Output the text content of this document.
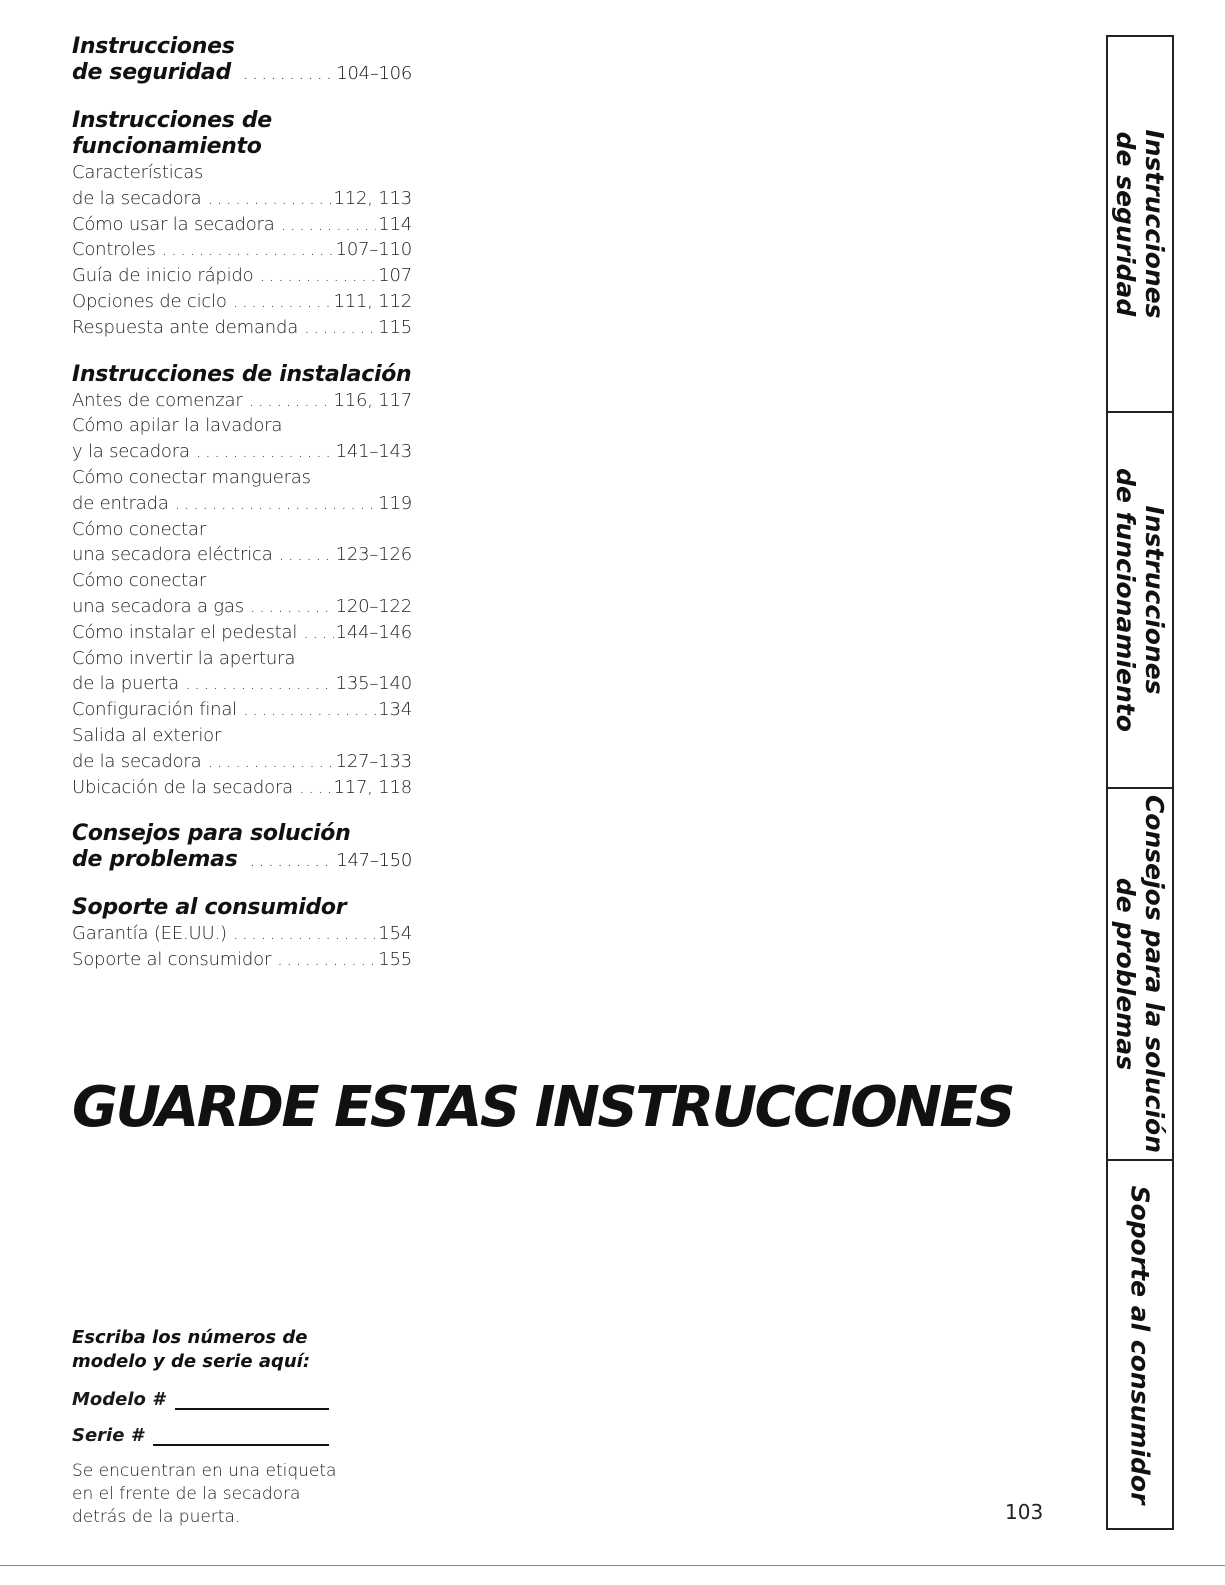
Instrucciones
de seguridad . . .	104–106
Instrucciones de funcionamiento
Características
de la secadora . . .	112, 113
Cómo usar la secadora . . .	114
Controles . . .	107–110
Guía de inicio rápido . . .	107
Opciones de ciclo . . .	111, 112
Respuesta ante demanda . . .	115
Instrucciones de instalación
Antes de comenzar . . .	116, 117
Cómo apilar la lavadora
y la secadora . . .	141–143
Cómo conectar mangueras
de entrada . . .	119
Cómo conectar
una secadora eléctrica . . .	123–126
Cómo conectar
una secadora a gas . . .	120–122
Cómo instalar el pedestal . . . 144–146
Cómo invertir la apertura
de la puerta . . .	135–140
Configuración final . . .	134
Salida al exterior
de la secadora . . .	127–133
Ubicación de la secadora . . . 117, 118
Consejos para solución
de problemas . . .	147–150
Soporte al consumidor
Garantía (EE.UU.) . . .	154
Soporte al consumidor . . .	155
GUARDE ESTAS INSTRUCCIONES
Escriba los números de
modelo y de serie aquí:
Modelo #
Serie #
Se encuentran en una etiqueta
en el frente de la secadora
detrás de la puerta.	103
Instrucciones
de seguridad
Instrucciones
de funcionamiento
Consejos para la solución
de problemas
Soporte al consumidor
